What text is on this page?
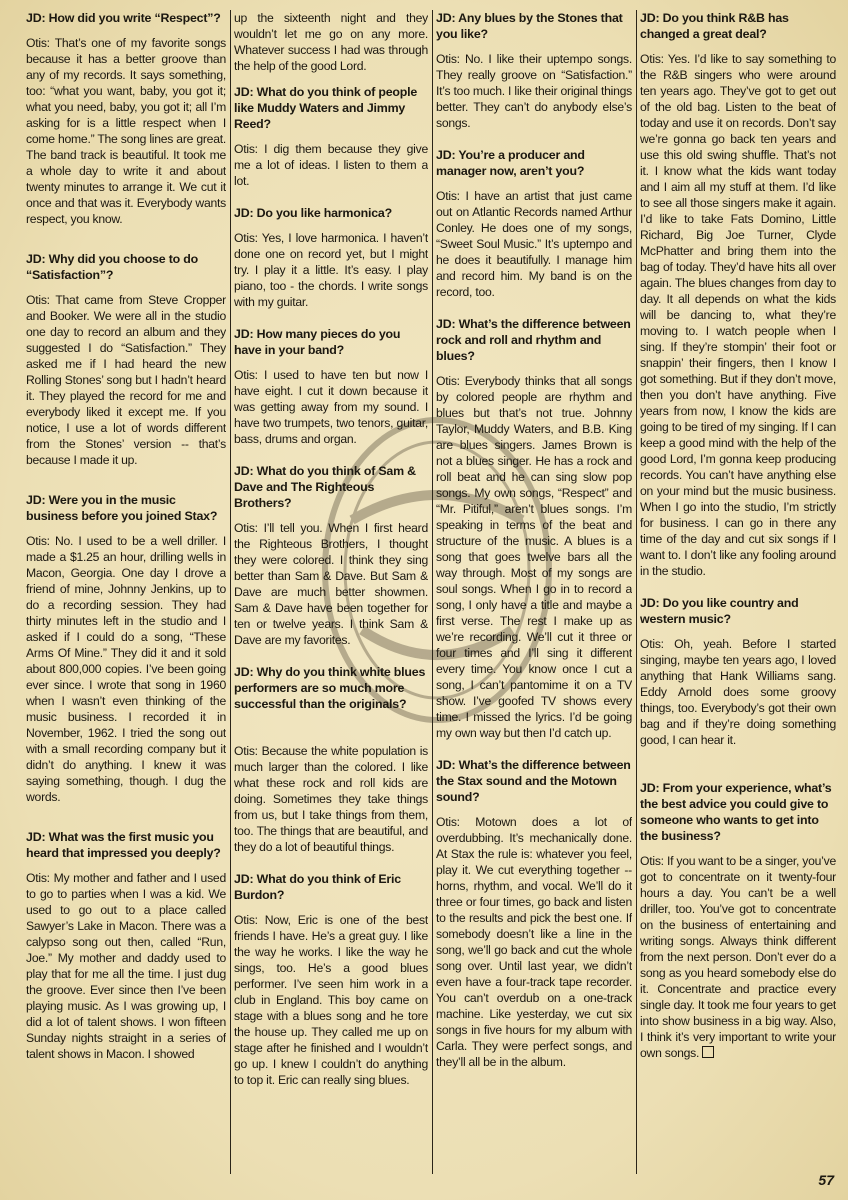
JD: How did you write “Respect”?

Otis: That’s one of my favorite songs because it has a better groove than any of my records. It says something, too: “what you want, baby, you got it; what you need, baby, you got it; all I’m asking for is a little respect when I come home.” The song lines are great. The band track is beautiful. It took me a whole day to write it and about twenty minutes to arrange it. We cut it once and that was it. Everybody wants respect, you know.

JD: Why did you choose to do “Satisfaction”?

Otis: That came from Steve Cropper and Booker. We were all in the studio one day to record an album and they suggested I do “Satisfaction.” They asked me if I had heard the new Rolling Stones’ song but I hadn’t heard it. They played the record for me and everybody liked it except me. If you notice, I use a lot of words different from the Stones’ version -- that’s because I made it up.

JD: Were you in the music business before you joined Stax?

Otis: No. I used to be a well driller. I made a $1.25 an hour, drilling wells in Macon, Georgia. One day I drove a friend of mine, Johnny Jenkins, up to do a recording session. They had thirty minutes left in the studio and I asked if I could do a song, “These Arms Of Mine.” They did it and it sold about 800,000 copies. I’ve been going ever since. I wrote that song in 1960 when I wasn’t even thinking of the music business. I recorded it in November, 1962. I tried the song out with a small recording company but it didn’t do anything. I knew it was saying something, though. I dug the words.

JD: What was the first music you heard that impressed you deeply?

Otis: My mother and father and I used to go to parties when I was a kid. We used to go out to a place called Sawyer’s Lake in Macon. There was a calypso song out then, called “Run, Joe.” My mother and daddy used to play that for me all the time. I just dug the groove. Ever since then I’ve been playing music. As I was growing up, I did a lot of talent shows. I won fifteen Sunday nights straight in a series of talent shows in Macon. I showed

up the sixteenth night and they wouldn’t let me go on any more. Whatever success I had was through the help of the good Lord.

JD: What do you think of people like Muddy Waters and Jimmy Reed?

Otis: I dig them because they give me a lot of ideas. I listen to them a lot.

JD: Do you like harmonica?

Otis: Yes, I love harmonica. I haven’t done one on record yet, but I might try. I play it a little. It’s easy. I play piano, too - the chords. I write songs with my guitar.

JD: How many pieces do you have in your band?

Otis: I used to have ten but now I have eight. I cut it down because it was getting away from my sound. I have two trumpets, two tenors, guitar, bass, drums and organ.

JD: What do you think of Sam & Dave and The Righteous Brothers?

Otis: I’ll tell you. When I first heard the Righteous Brothers, I thought they were colored. I think they sing better than Sam & Dave. But Sam & Dave are much better showmen. Sam & Dave have been together for ten or twelve years. I think Sam & Dave are my favorites.

JD: Why do you think white blues performers are so much more successful than the originals?

Otis: Because the white population is much larger than the colored. I like what these rock and roll kids are doing. Sometimes they take things from us, but I take things from them, too. The things that are beautiful, and they do a lot of beautiful things.

JD: What do you think of Eric Burdon?

Otis: Now, Eric is one of the best friends I have. He’s a great guy. I like the way he works. I like the way he sings, too. He’s a good blues performer. I’ve seen him work in a club in England. This boy came on stage with a blues song and he tore the house up. They called me up on stage after he finished and I wouldn’t go up. I knew I couldn’t do anything to top it. Eric can really sing blues.

JD: Any blues by the Stones that you like?

Otis: No. I like their uptempo songs. They really groove on “Satisfaction.” It’s too much. I like their original things better. They can’t do anybody else’s songs.

JD: You’re a producer and manager now, aren’t you?

Otis: I have an artist that just came out on Atlantic Records named Arthur Conley. He does one of my songs, “Sweet Soul Music.” It’s uptempo and he does it beautifully. I manage him and record him. My band is on the record, too.

JD: What’s the difference between rock and roll and rhythm and blues?

Otis: Everybody thinks that all songs by colored people are rhythm and blues but that’s not true. Johnny Taylor, Muddy Waters, and B.B. King are blues singers. James Brown is not a blues singer. He has a rock and roll beat and he can sing slow pop songs. My own songs, “Respect” and “Mr. Pitiful,” aren’t blues songs. I’m speaking in terms of the beat and structure of the music. A blues is a song that goes twelve bars all the way through. Most of my songs are soul songs. When I go in to record a song, I only have a title and maybe a first verse. The rest I make up as we’re recording. We’ll cut it three or four times and I’ll sing it different every time. You know once I cut a song, I can’t pantomime it on a TV show. I’ve goofed TV shows every time. I missed the lyrics. I’d be going my own way but then I’d catch up.

JD: What’s the difference between the Stax sound and the Motown sound?

Otis: Motown does a lot of overdubbing. It’s mechanically done. At Stax the rule is: whatever you feel, play it. We cut everything together -- horns, rhythm, and vocal. We’ll do it three or four times, go back and listen to the results and pick the best one. If somebody doesn’t like a line in the song, we’ll go back and cut the whole song over. Until last year, we didn’t even have a four-track tape recorder. You can’t overdub on a one-track machine. Like yesterday, we cut six songs in five hours for my album with Carla. They were perfect songs, and they’ll all be in the album.

JD: Do you think R&B has changed a great deal?

Otis: Yes. I’d like to say something to the R&B singers who were around ten years ago. They’ve got to get out of the old bag. Listen to the beat of today and use it on records. Don’t say we’re gonna go back ten years and use this old swing shuffle. That’s not it. I know what the kids want today and I aim all my stuff at them. I’d like to see all those singers make it again. I’d like to take Fats Domino, Little Richard, Big Joe Turner, Clyde McPhatter and bring them into the bag of today. They’d have hits all over again. The blues changes from day to day. It all depends on what the kids will be dancing to, what they’re moving to. I watch people when I sing. If they’re stompin’ their foot or snappin’ their fingers, then I know I got something. But if they don’t move, then you don’t have anything. Five years from now, I know the kids are going to be tired of my singing. If I can keep a good mind with the help of the good Lord, I’m gonna keep producing records. You can’t have anything else on your mind but the music business. When I go into the studio, I’m strictly for business. I can go in there any time of the day and cut six songs if I want to. I don’t like any fooling around in the studio.

JD: Do you like country and western music?

Otis: Oh, yeah. Before I started singing, maybe ten years ago, I loved anything that Hank Williams sang. Eddy Arnold does some groovy things, too. Everybody’s got their own bag and if they’re doing something good, I can hear it.

JD: From your experience, what’s the best advice you could give to someone who wants to get into the business?

Otis: If you want to be a singer, you’ve got to concentrate on it twenty-four hours a day. You can’t be a well driller, too. You’ve got to concentrate on the business of entertaining and writing songs. Always think different from the next person. Don’t ever do a song as you heard somebody else do it. Concentrate and practice every single day. It took me four years to get into show business in a big way. Also, I think it’s very important to write your own songs.

57
